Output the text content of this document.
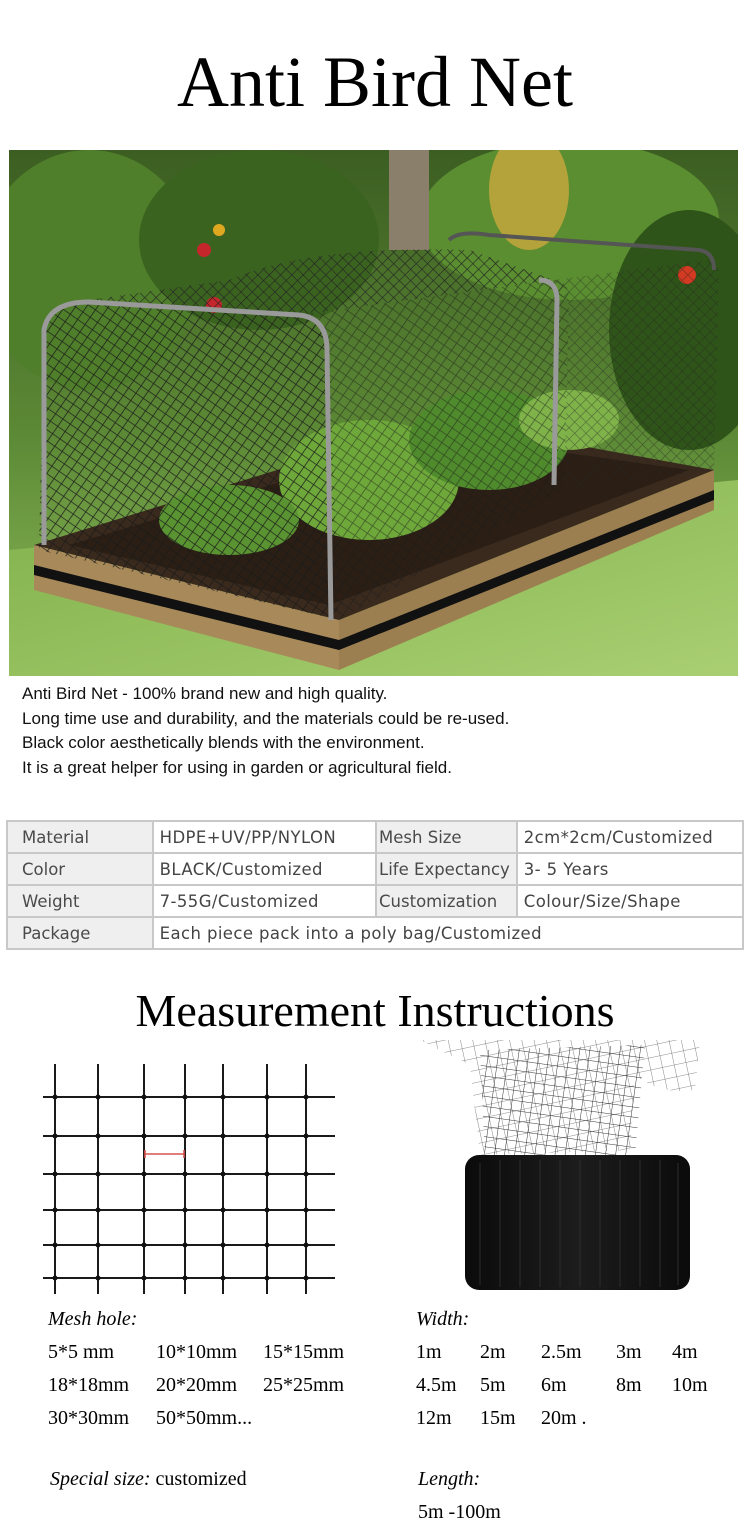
Anti Bird Net
Anti Bird Net - 100% brand new and high quality.
Long time use and durability, and the materials could be re-used.
Black color aesthetically blends with the environment.
It is a great helper for using in garden or agricultural field.
Material	HDPE+UV/PP/NYLON	Mesh Size	2cm*2cm/Customized
Color	BLACK/Customized	Life Expectancy	3- 5 Years
Weight	7-55G/Customized	Customization	Colour/Size/Shape
Package	Each piece pack into a poly bag/Customized		
Measurement Instructions
Mesh hole:
5*5 mm 10*10mm 15*15mm
18*18mm 20*20mm 25*25mm
30*30mm 50*50mm...
Width:
1m 2m 2.5m 3m 4m
4.5m 5m 6m 8m 10m
12m 15m 20m .
Special size: customized	Length:
5m -100m
